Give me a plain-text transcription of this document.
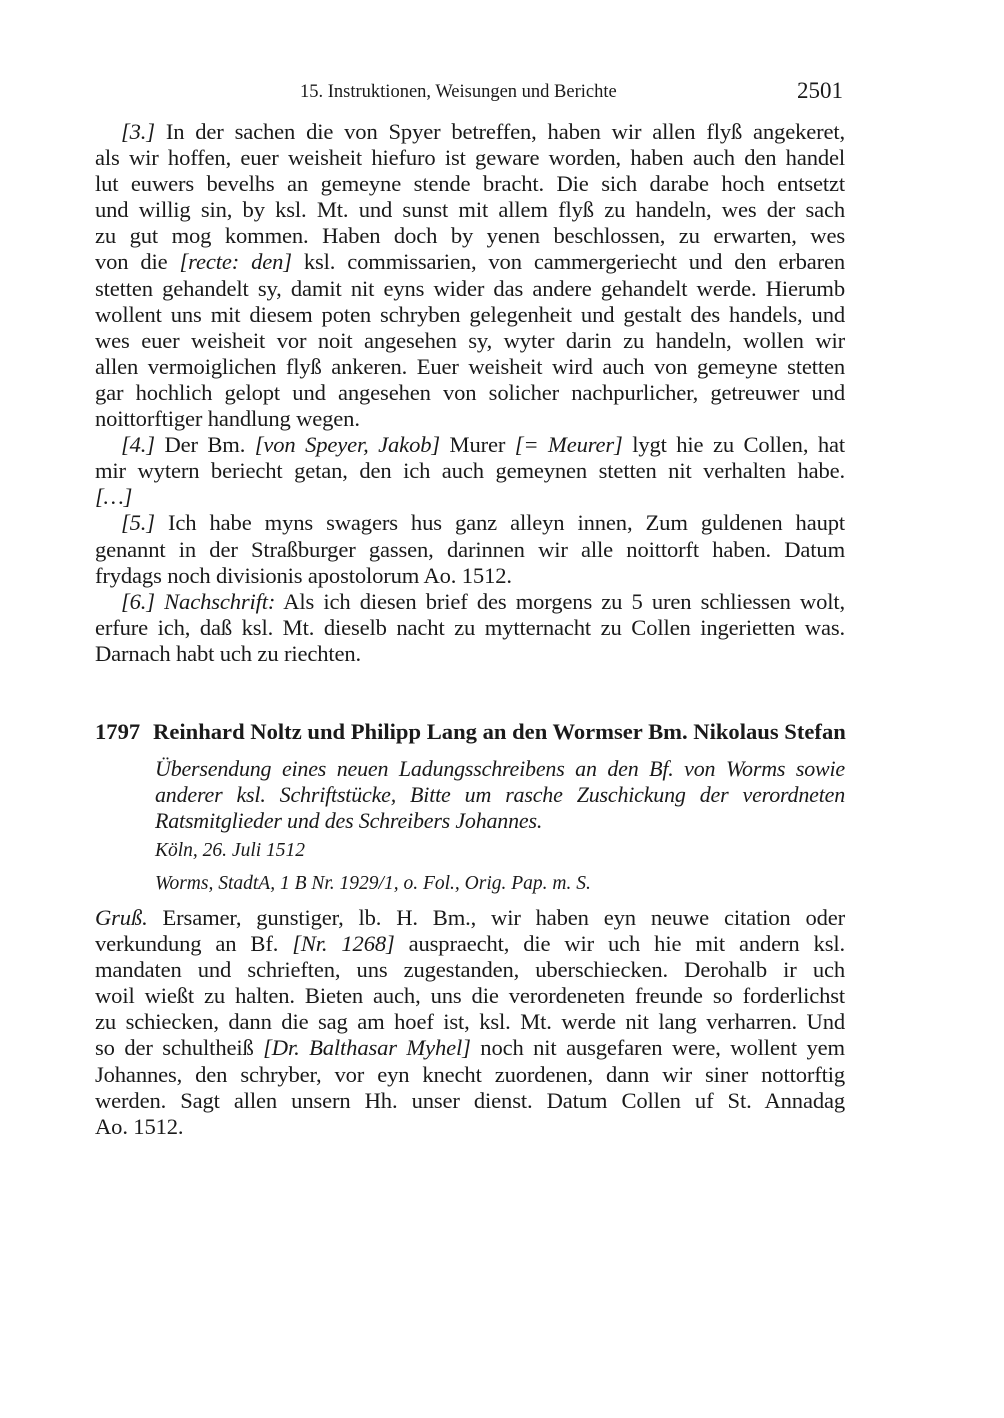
15. Instruktionen, Weisungen und Berichte	2501

[3.] In der sachen die von Spyer betreffen, haben wir allen flyß angekeret,

als wir hoffen, euer weisheit hiefuro ist geware worden, haben auch den handel
lut euwers bevelhs an gemeyne stende bracht. Die sich darabe hoch entsetzt
und willig sin, by ksl. Mt. und sunst mit allem flyß zu handeln, wes der sach
zu gut mog kommen. Haben doch by yenen beschlossen, zu erwarten, wes
von die [recte: den] ksl. commissarien, von cammergeriecht und den erbaren
stetten gehandelt sy, damit nit eyns wider das andere gehandelt werde. Hierumb
wollent uns mit diesem poten schryben gelegenheit und gestalt des handels, und
wes euer weisheit vor noit angesehen sy, wyter darin zu handeln, wollen wir
allen vermoiglichen flyß ankeren. Euer weisheit wird auch von gemeyne stetten
gar hochlich gelopt und angesehen von solicher nachpurlicher, getreuwer und
noittorftiger handlung wegen.

[4.] Der Bm. [von Speyer, Jakob] Murer [= Meurer] lygt hie zu Collen, hat

mir wytern beriecht getan, den ich auch gemeynen stetten nit verhalten habe.
[…]

[5.] Ich habe myns swagers hus ganz alleyn innen, Zum guldenen haupt

genannt in der Straßburger gassen, darinnen wir alle noittorft haben. Datum
frydags noch divisionis apostolorum Ao. 1512.

[6.] Nachschrift: Als ich diesen brief des morgens zu 5 uren schliessen wolt,

erfure ich, daß ksl. Mt. dieselb nacht zu mytternacht zu Collen ingerietten was.
Darnach habt uch zu riechten.

1797 Reinhard Noltz und Philipp Lang an den Wormser Bm. Nikolaus Stefan
Übersendung eines neuen Ladungsschreibens an den Bf. von Worms sowie
anderer ksl. Schriftstücke, Bitte um rasche Zuschickung der verordneten
Ratsmitglieder und des Schreibers Johannes.
Köln, 26. Juli 1512
Worms, StadtA, 1 B Nr. 1929/1, o. Fol., Orig. Pap. m. S.

Gruß. Ersamer, gunstiger, lb. H. Bm., wir haben eyn neuwe citation oder
verkundung an Bf. [Nr. 1268] auspraecht, die wir uch hie mit andern ksl.
mandaten und schrieften, uns zugestanden, uberschiecken. Derohalb ir uch
woil wießt zu halten. Bieten auch, uns die verordeneten freunde so forderlichst
zu schiecken, dann die sag am hoef ist, ksl. Mt. werde nit lang verharren. Und
so der schultheiß [Dr. Balthasar Myhel] noch nit ausgefaren were, wollent yem
Johannes, den schryber, vor eyn knecht zuordenen, dann wir siner nottorftig
werden. Sagt allen unsern Hh. unser dienst. Datum Collen uf St. Annadag
Ao. 1512.
